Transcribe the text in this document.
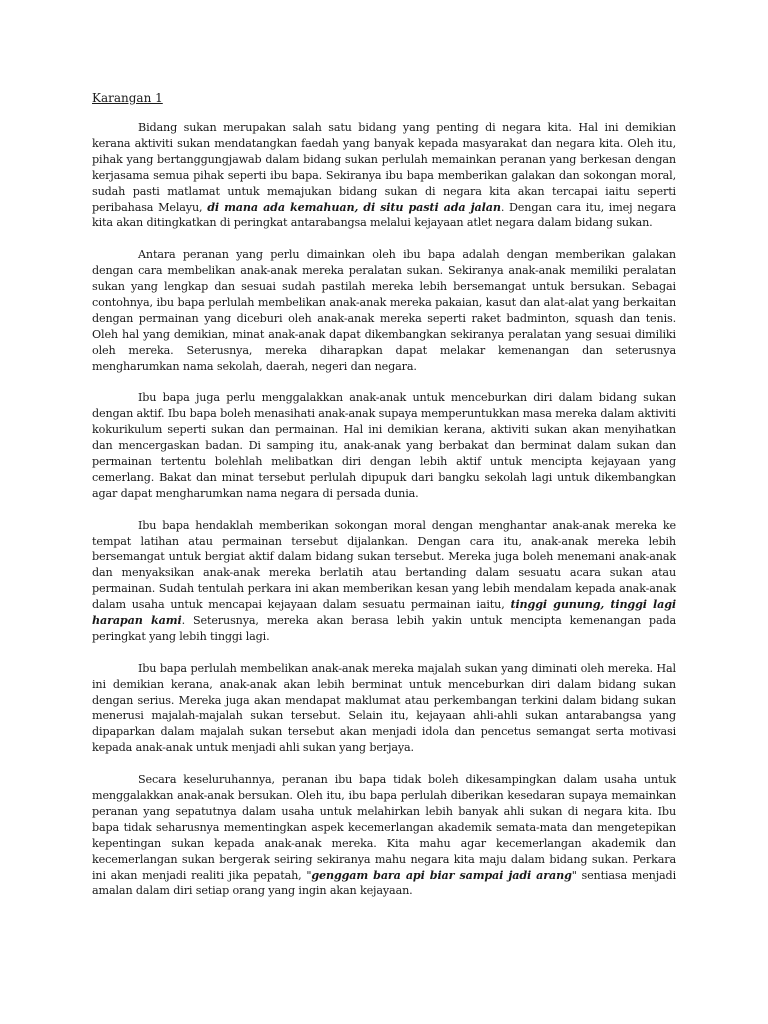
Karangan 1

Bidang sukan merupakan salah satu bidang yang penting di negara kita. Hal ini demikian kerana aktiviti sukan mendatangkan faedah yang banyak kepada masyarakat dan negara kita. Oleh itu, pihak yang bertanggungjawab dalam bidang sukan perlulah memainkan peranan yang berkesan dengan kerjasama semua pihak seperti ibu bapa. Sekiranya ibu bapa memberikan galakan dan sokongan moral, sudah pasti matlamat untuk memajukan bidang sukan di negara kita akan tercapai iaitu seperti peribahasa Melayu, di mana ada kemahuan, di situ pasti ada jalan. Dengan cara itu, imej negara kita akan ditingkatkan di peringkat antarabangsa melalui kejayaan atlet negara dalam bidang sukan.

Antara peranan yang perlu dimainkan oleh ibu bapa adalah dengan memberikan galakan dengan cara membelikan anak-anak mereka peralatan sukan. Sekiranya anak-anak memiliki peralatan sukan yang lengkap dan sesuai sudah pastilah mereka lebih bersemangat untuk bersukan. Sebagai contohnya, ibu bapa perlulah membelikan anak-anak mereka pakaian, kasut dan alat-alat yang berkaitan dengan permainan yang diceburi oleh anak-anak mereka seperti raket badminton, squash dan tenis. Oleh hal yang demikian, minat anak-anak dapat dikembangkan sekiranya peralatan yang sesuai dimiliki oleh mereka. Seterusnya, mereka diharapkan dapat melakar kemenangan dan seterusnya mengharumkan nama sekolah, daerah, negeri dan negara.

Ibu bapa juga perlu menggalakkan anak-anak untuk menceburkan diri dalam bidang sukan dengan aktif. Ibu bapa boleh menasihati anak-anak supaya memperuntukkan masa mereka dalam aktiviti kokurikulum seperti sukan dan permainan. Hal ini demikian kerana, aktiviti sukan akan menyihatkan dan mencergaskan badan. Di samping itu, anak-anak yang berbakat dan berminat dalam sukan dan permainan tertentu bolehlah melibatkan diri dengan lebih aktif untuk mencipta kejayaan yang cemerlang. Bakat dan minat tersebut perlulah dipupuk dari bangku sekolah lagi untuk dikembangkan agar dapat mengharumkan nama negara di persada dunia.

Ibu bapa hendaklah memberikan sokongan moral dengan menghantar anak-anak mereka ke tempat latihan atau permainan tersebut dijalankan. Dengan cara itu, anak-anak mereka lebih bersemangat untuk bergiat aktif dalam bidang sukan tersebut. Mereka juga boleh menemani anak-anak dan menyaksikan anak-anak mereka berlatih atau bertanding dalam sesuatu acara sukan atau permainan. Sudah tentulah perkara ini akan memberikan kesan yang lebih mendalam kepada anak-anak dalam usaha untuk mencapai kejayaan dalam sesuatu permainan iaitu, tinggi gunung, tinggi lagi harapan kami. Seterusnya, mereka akan berasa lebih yakin untuk mencipta kemenangan pada peringkat yang lebih tinggi lagi.

Ibu bapa perlulah membelikan anak-anak mereka majalah sukan yang diminati oleh mereka. Hal ini demikian kerana, anak-anak akan lebih berminat untuk menceburkan diri dalam bidang sukan dengan serius. Mereka juga akan mendapat maklumat atau perkembangan terkini dalam bidang sukan menerusi majalah-majalah sukan tersebut. Selain itu, kejayaan ahli-ahli sukan antarabangsa yang dipaparkan dalam majalah sukan tersebut akan menjadi idola dan pencetus semangat serta motivasi kepada anak-anak untuk menjadi ahli sukan yang berjaya.

Secara keseluruhannya, peranan ibu bapa tidak boleh dikesampingkan dalam usaha untuk menggalakkan anak-anak bersukan. Oleh itu, ibu bapa perlulah diberikan kesedaran supaya memainkan peranan yang sepatutnya dalam usaha untuk melahirkan lebih banyak ahli sukan di negara kita. Ibu bapa tidak seharusnya mementingkan aspek kecemerlangan akademik semata-mata dan mengetepikan kepentingan sukan kepada anak-anak mereka. Kita mahu agar kecemerlangan akademik dan kecemerlangan sukan bergerak seiring sekiranya mahu negara kita maju dalam bidang sukan. Perkara ini akan menjadi realiti jika pepatah, "genggam bara api biar sampai jadi arang" sentiasa menjadi amalan dalam diri setiap orang yang ingin akan kejayaan.
